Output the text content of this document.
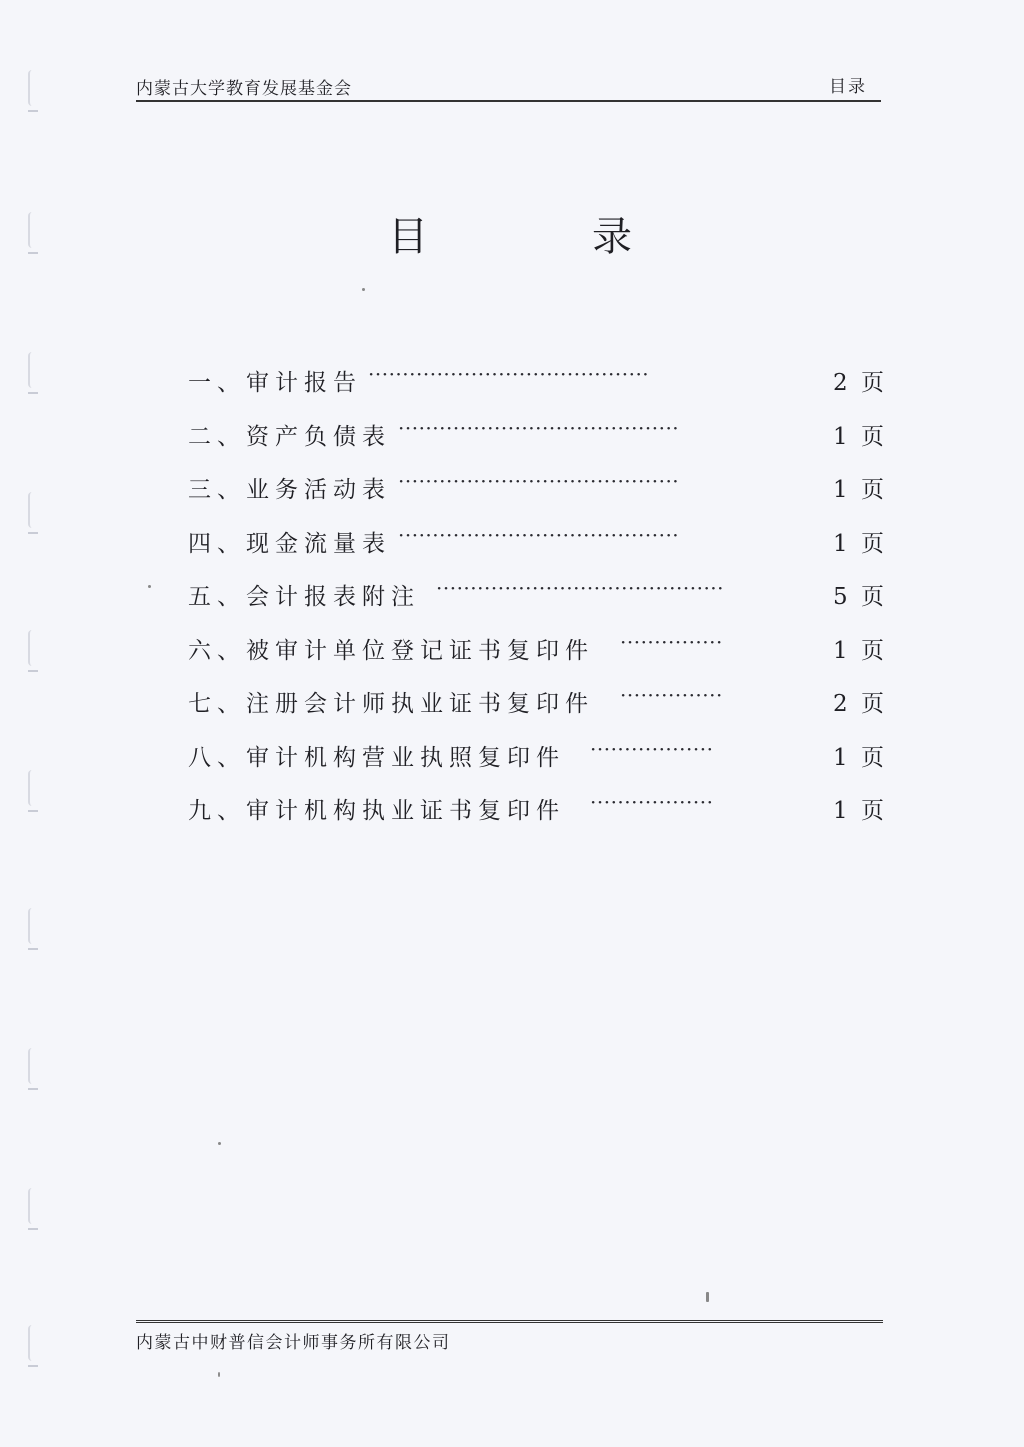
内蒙古大学教育发展基金会	目录
目	录
一、审计报告 ·········································	2 页
二、资产负债表 ·········································	1 页
三、业务活动表 ·········································	1 页
四、现金流量表 ·········································	1 页
五、会计报表附注 ··········································	5 页
六、被审计单位登记证书复印件 ···············	1 页
七、注册会计师执业证书复印件 ···············	2 页
八、审计机构营业执照复印件 ··················	1 页
九、审计机构执业证书复印件 ··················	1 页
内蒙古中财普信会计师事务所有限公司
